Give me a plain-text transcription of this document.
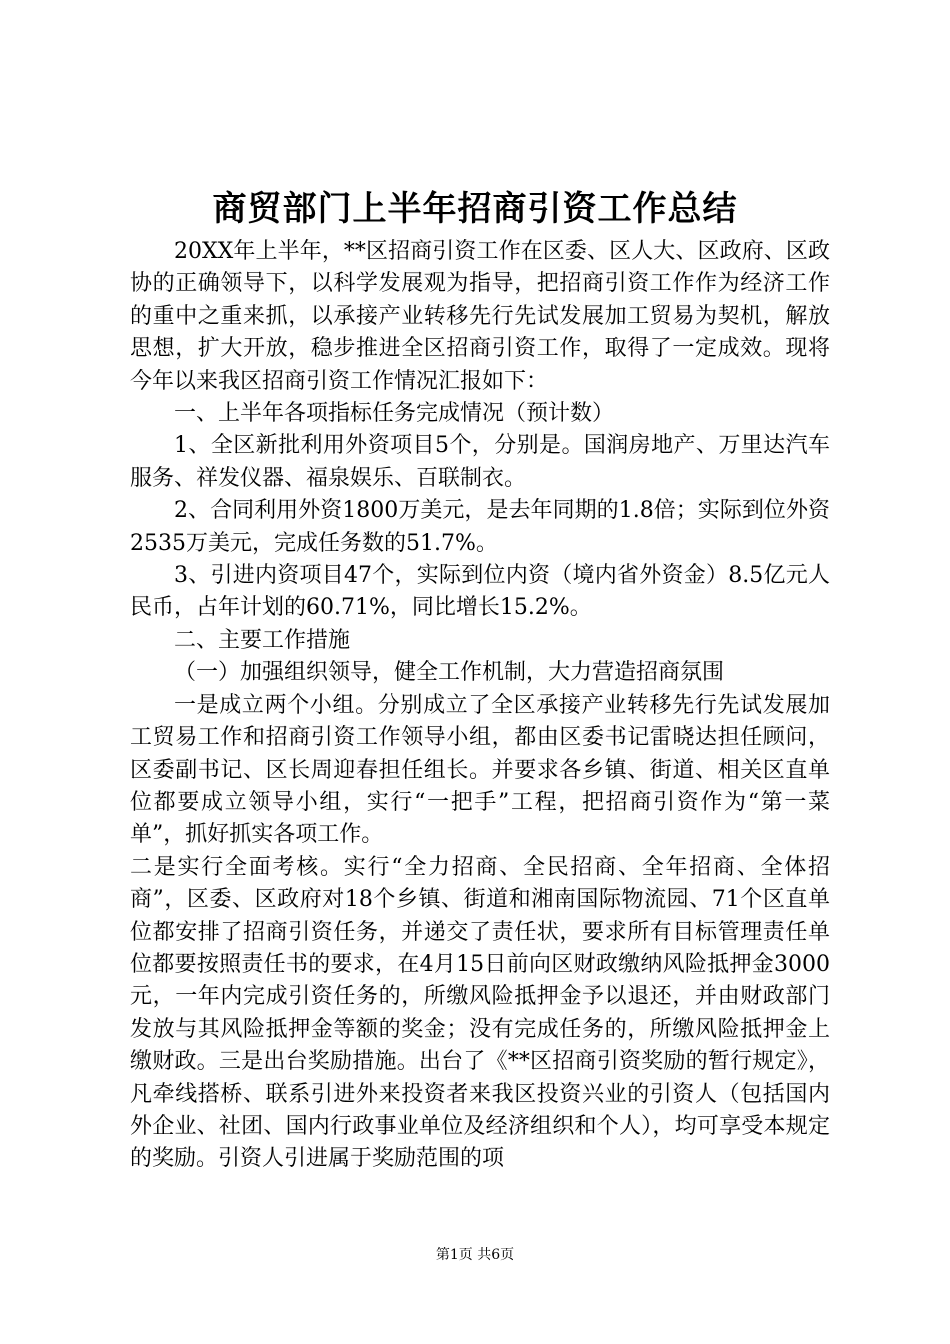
商贸部门上半年招商引资工作总结

20XX年上半年，**区招商引资工作在区委、区人大、区政府、区政协的正确领导下，以科学发展观为指导，把招商引资工作作为经济工作的重中之重来抓，以承接产业转移先行先试发展加工贸易为契机，解放思想，扩大开放，稳步推进全区招商引资工作，取得了一定成效。现将今年以来我区招商引资工作情况汇报如下：

一、上半年各项指标任务完成情况（预计数）

1、全区新批利用外资项目5个，分别是。国润房地产、万里达汽车服务、祥发仪器、福泉娱乐、百联制衣。

2、合同利用外资1800万美元，是去年同期的1.8倍；实际到位外资2535万美元，完成任务数的51.7%。

3、引进内资项目47个，实际到位内资（境内省外资金）8.5亿元人民币，占年计划的60.71%，同比增长15.2%。

二、主要工作措施

（一）加强组织领导，健全工作机制，大力营造招商氛围

一是成立两个小组。分别成立了全区承接产业转移先行先试发展加工贸易工作和招商引资工作领导小组，都由区委书记雷晓达担任顾问，区委副书记、区长周迎春担任组长。并要求各乡镇、街道、相关区直单位都要成立领导小组，实行“一把手”工程，把招商引资作为“第一菜单”，抓好抓实各项工作。

二是实行全面考核。实行“全力招商、全民招商、全年招商、全体招商”，区委、区政府对18个乡镇、街道和湘南国际物流园、71个区直单位都安排了招商引资任务，并递交了责任状，要求所有目标管理责任单位都要按照责任书的要求，在4月15日前向区财政缴纳风险抵押金3000元，一年内完成引资任务的，所缴风险抵押金予以退还，并由财政部门发放与其风险抵押金等额的奖金；没有完成任务的，所缴风险抵押金上缴财政。三是出台奖励措施。出台了《**区招商引资奖励的暂行规定》，凡牵线搭桥、联系引进外来投资者来我区投资兴业的引资人（包括国内外企业、社团、国内行政事业单位及经济组织和个人），均可享受本规定的奖励。引资人引进属于奖励范围的项

第1页 共6页
